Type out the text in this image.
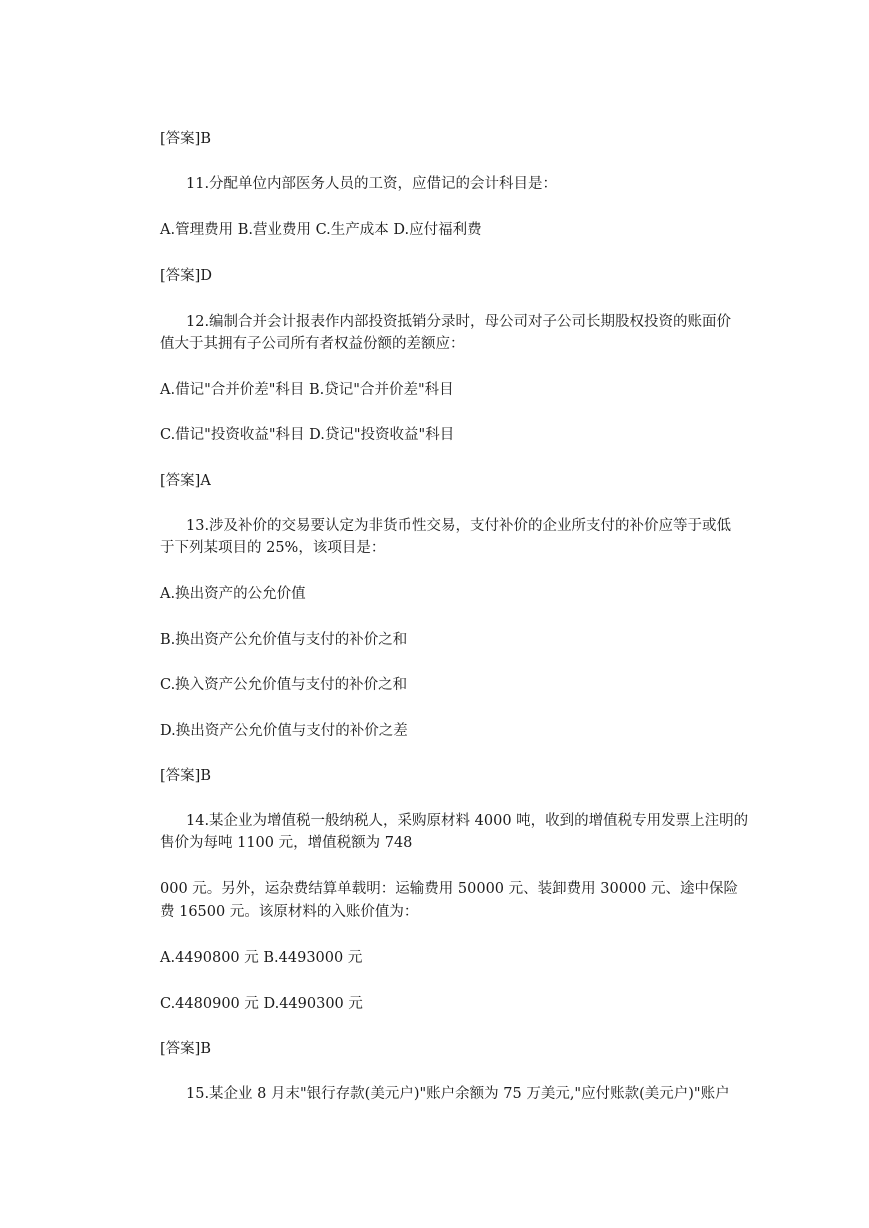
[答案]B

11.分配单位内部医务人员的工资，应借记的会计科目是：

A.管理费用 B.营业费用 C.生产成本 D.应付福利费

[答案]D

12.编制合并会计报表作内部投资抵销分录时，母公司对子公司长期股权投资的账面价

值大于其拥有子公司所有者权益份额的差额应：

A.借记"合并价差"科目 B.贷记"合并价差"科目

C.借记"投资收益"科目 D.贷记"投资收益"科目

[答案]A

13.涉及补价的交易要认定为非货币性交易，支付补价的企业所支付的补价应等于或低

于下列某项目的 25%，该项目是：

A.换出资产的公允价值

B.换出资产公允价值与支付的补价之和

C.换入资产公允价值与支付的补价之和

D.换出资产公允价值与支付的补价之差

[答案]B

14.某企业为增值税一般纳税人，采购原材料 4000 吨，收到的增值税专用发票上注明的

售价为每吨 1100 元，增值税额为 748

000 元。另外，运杂费结算单载明：运输费用 50000 元、装卸费用 30000 元、途中保险

费 16500 元。该原材料的入账价值为：

A.4490800 元 B.4493000 元

C.4480900 元 D.4490300 元

[答案]B

15.某企业 8 月末"银行存款(美元户)"账户余额为 75 万美元,"应付账款(美元户)"账户
